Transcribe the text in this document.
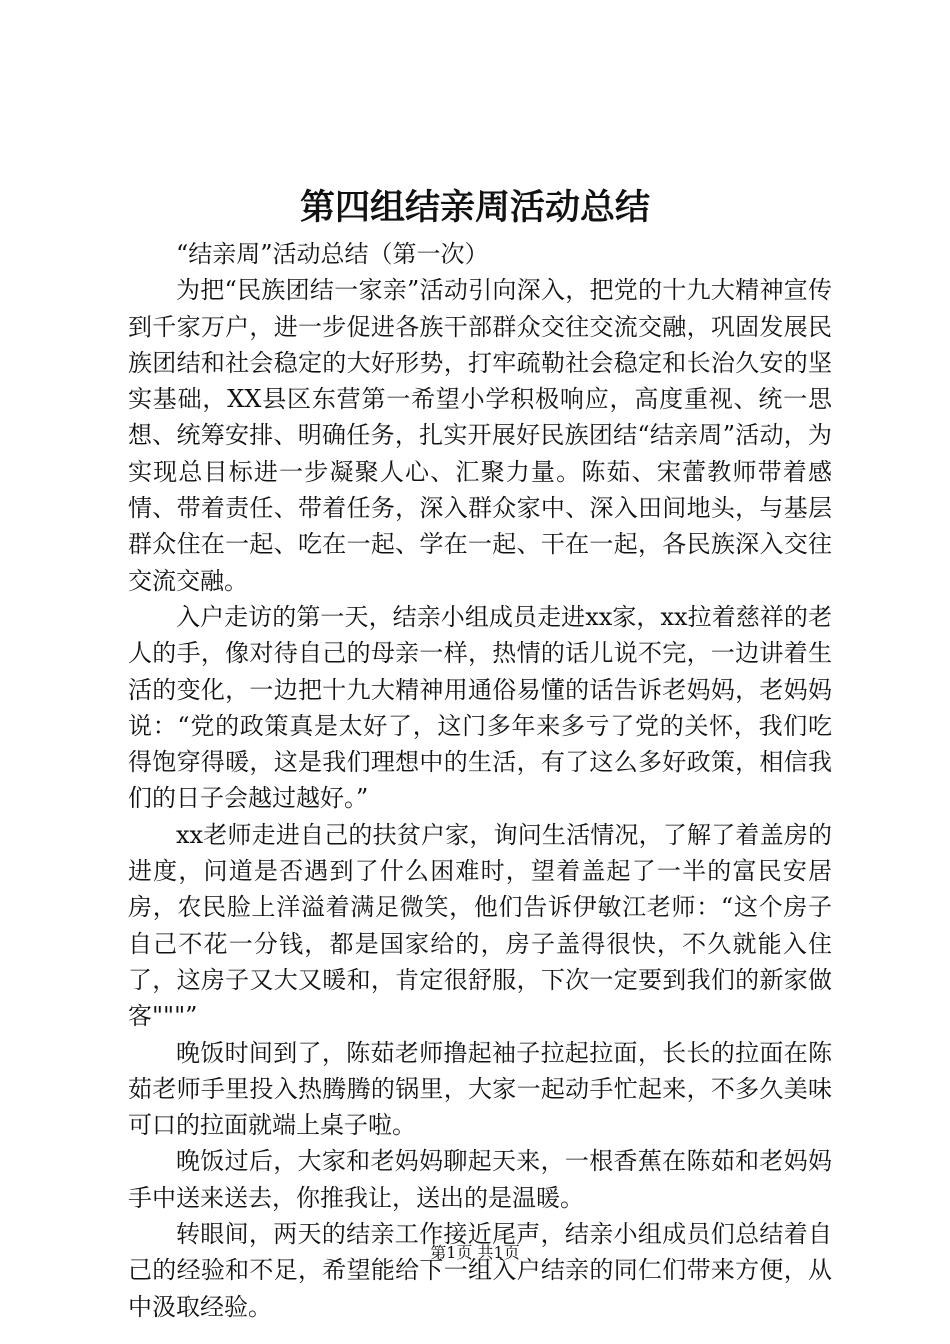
第四组结亲周活动总结

“结亲周”活动总结（第一次）

为把“民族团结一家亲”活动引向深入，把党的十九大精神宣传到千家万户，进一步促进各族干部群众交往交流交融，巩固发展民族团结和社会稳定的大好形势，打牢疏勒社会稳定和长治久安的坚实基础，XX县区东营第一希望小学积极响应，高度重视、统一思想、统筹安排、明确任务，扎实开展好民族团结“结亲周”活动，为实现总目标进一步凝聚人心、汇聚力量。陈茹、宋蕾教师带着感情、带着责任、带着任务，深入群众家中、深入田间地头，与基层群众住在一起、吃在一起、学在一起、干在一起，各民族深入交往交流交融。

入户走访的第一天，结亲小组成员走进xx家，xx拉着慈祥的老人的手，像对待自己的母亲一样，热情的话儿说不完，一边讲着生活的变化，一边把十九大精神用通俗易懂的话告诉老妈妈，老妈妈说：“党的政策真是太好了，这门多年来多亏了党的关怀，我们吃得饱穿得暖，这是我们理想中的生活，有了这么多好政策，相信我们的日子会越过越好。”

xx老师走进自己的扶贫户家，询问生活情况，了解了着盖房的进度，问道是否遇到了什么困难时，望着盖起了一半的富民安居房，农民脸上洋溢着满足微笑，他们告诉伊敏江老师：“这个房子自己不花一分钱，都是国家给的，房子盖得很快，不久就能入住了，这房子又大又暖和，肯定很舒服，下次一定要到我们的新家做客"""”

晚饭时间到了，陈茹老师撸起袖子拉起拉面，长长的拉面在陈茹老师手里投入热腾腾的锅里，大家一起动手忙起来，不多久美味可口的拉面就端上桌子啦。

晚饭过后，大家和老妈妈聊起天来，一根香蕉在陈茹和老妈妈手中送来送去，你推我让，送出的是温暖。

转眼间，两天的结亲工作接近尾声，结亲小组成员们总结着自己的经验和不足，希望能给下一组入户结亲的同仁们带来方便，从中汲取经验。

第1页 共1页
